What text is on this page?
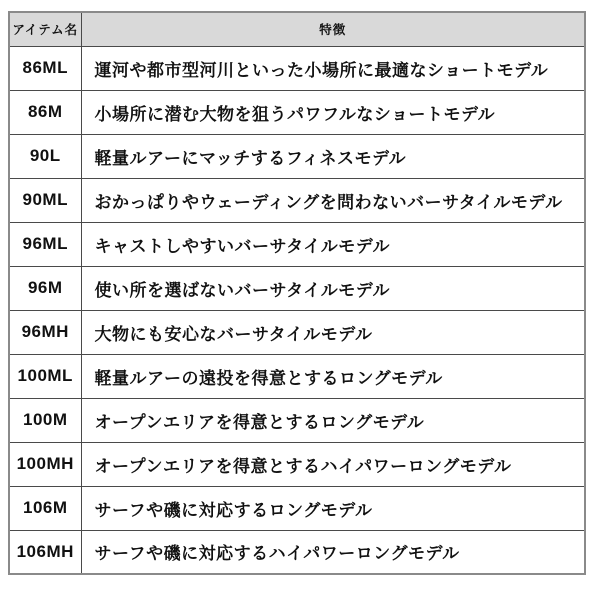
アイテム名	特徴
86ML	運河や都市型河川といった小場所に最適なショートモデル
86M	小場所に潜む大物を狙うパワフルなショートモデル
90L	軽量ルアーにマッチするフィネスモデル
90ML	おかっぱりやウェーディングを問わないバーサタイルモデル
96ML	キャストしやすいバーサタイルモデル
96M	使い所を選ばないバーサタイルモデル
96MH	大物にも安心なバーサタイルモデル
100ML	軽量ルアーの遠投を得意とするロングモデル
100M	オープンエリアを得意とするロングモデル
100MH	オープンエリアを得意とするハイパワーロングモデル
106M	サーフや磯に対応するロングモデル
106MH	サーフや磯に対応するハイパワーロングモデル
